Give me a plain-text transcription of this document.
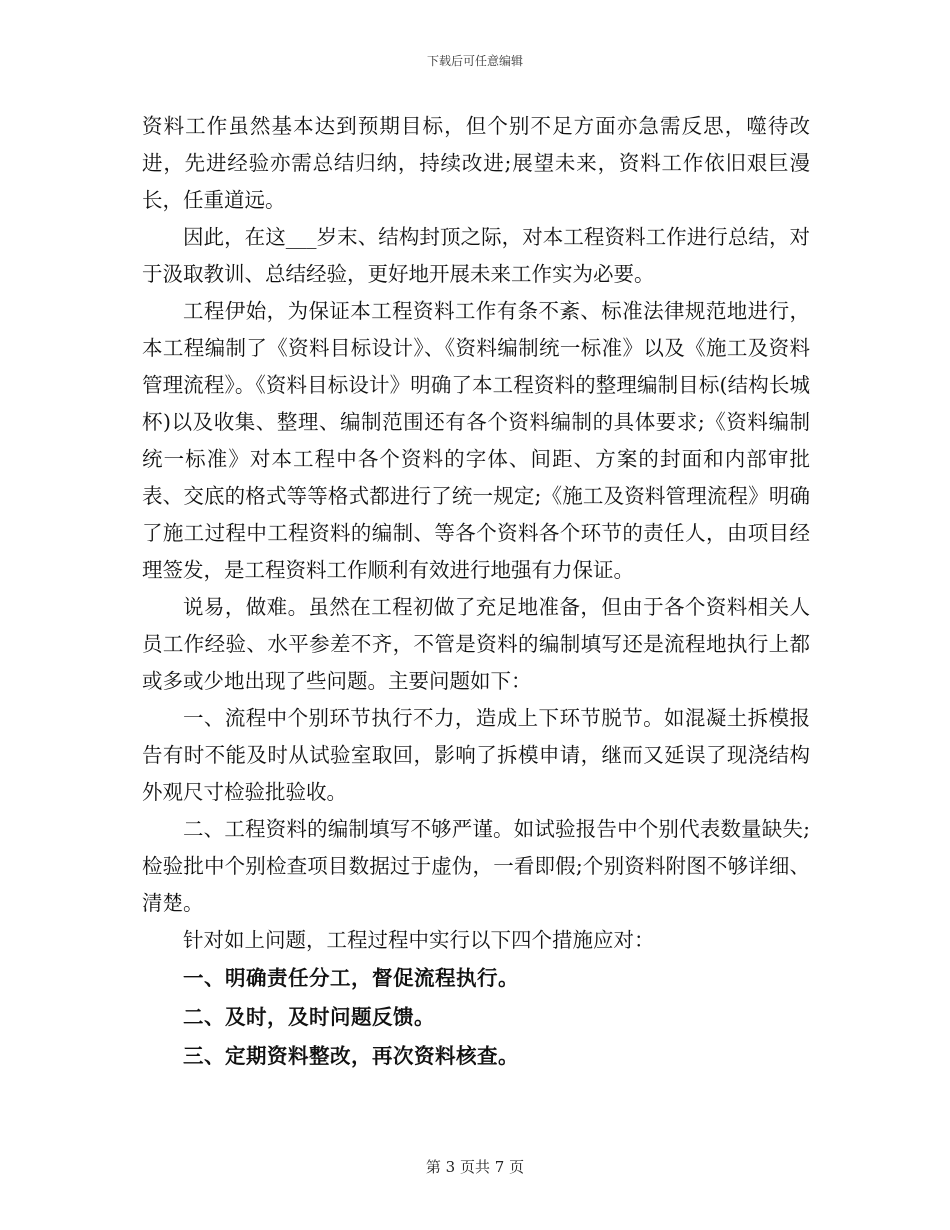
下载后可任意编辑

资料工作虽然基本达到预期目标，但个别不足方面亦急需反思，噬待改进，先进经验亦需总结归纳，持续改进;展望未来，资料工作依旧艰巨漫长，任重道远。

因此，在这___岁末、结构封顶之际，对本工程资料工作进行总结，对于汲取教训、总结经验，更好地开展未来工作实为必要。

工程伊始，为保证本工程资料工作有条不紊、标准法律规范地进行，本工程编制了《资料目标设计》、《资料编制统一标准》以及《施工及资料管理流程》。《资料目标设计》明确了本工程资料的整理编制目标(结构长城杯)以及收集、整理、编制范围还有各个资料编制的具体要求;《资料编制统一标准》对本工程中各个资料的字体、间距、方案的封面和内部审批表、交底的格式等等格式都进行了统一规定;《施工及资料管理流程》明确了施工过程中工程资料的编制、等各个资料各个环节的责任人，由项目经理签发，是工程资料工作顺利有效进行地强有力保证。

说易，做难。虽然在工程初做了充足地准备，但由于各个资料相关人员工作经验、水平参差不齐，不管是资料的编制填写还是流程地执行上都或多或少地出现了些问题。主要问题如下：

一、流程中个别环节执行不力，造成上下环节脱节。如混凝土拆模报告有时不能及时从试验室取回，影响了拆模申请，继而又延误了现浇结构外观尺寸检验批验收。

二、工程资料的编制填写不够严谨。如试验报告中个别代表数量缺失;检验批中个别检查项目数据过于虚伪，一看即假;个别资料附图不够详细、清楚。

针对如上问题，工程过程中实行以下四个措施应对：

一、明确责任分工，督促流程执行。

二、及时，及时问题反馈。

三、定期资料整改，再次资料核查。

第 3 页共 7 页
